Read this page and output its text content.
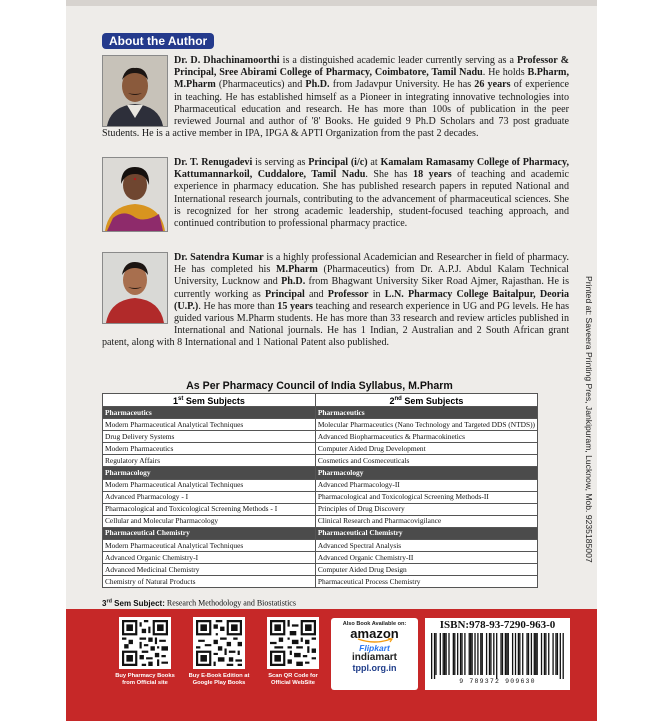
About the Author
Dr. D. Dhachinamoorthi is a distinguished academic leader currently serving as a Professor & Principal, Sree Abirami College of Pharmacy, Coimbatore, Tamil Nadu. He holds B.Pharm, M.Pharm (Pharmaceutics) and Ph.D. from Jadavpur University. He has 26 years of experience in teaching. He has established himself as a Pioneer in integrating innovative technologies into Pharmaceutical education and research. He has more than 100s of publication in the peer reviewed Journal and author of '8' Books. He guided 9 Ph.D Scholars and 73 post graduate Students. He is a active member in IPA, IPGA & APTI Organization from the past 2 decades.
Dr. T. Renugadevi is serving as Principal (i/c) at Kamalam Ramasamy College of Pharmacy, Kattumannarkoil, Cuddalore, Tamil Nadu. She has 18 years of teaching and academic experience in pharmacy education. She has published research papers in reputed National and International research journals, contributing to the advancement of pharmaceutical sciences. She is recognized for her strong academic leadership, student-focused teaching approach, and continued contribution to professional pharmacy practice.
Dr. Satendra Kumar is a highly professional Academician and Researcher in field of pharmacy. He has completed his M.Pharm (Pharmaceutics) from Dr. A.P.J. Abdul Kalam Technical University, Lucknow and Ph.D. from Bhagwant University Siker Road Ajmer, Rajasthan. He is currently working as Principal and Professor in L.N. Pharmacy College Baitalpur, Deoria (U.P.). He has more than 15 years teaching and research experience in UG and PG levels. He has guided various M.Pharm students. He has more than 33 research and review articles published in International and National journals. He has 1 Indian, 2 Australian and 2 South African grant patent, along with 8 International and 1 National Patent also published.	Printed at: Saveera Printing Pres, Jankipuram, Lucknow, Mob. 9235185007
As Per Pharmacy Council of India Syllabus, M.Pharm
1st Sem Subjects	2nd Sem Subjects
Pharmaceutics	Pharmaceutics
Modern Pharmaceutical Analytical Techniques	Molecular Pharmaceutics (Nano Technology and Targeted DDS (NTDS))
Drug Delivery Systems	Advanced Biopharmaceutics & Pharmacokinetics
Modern Pharmaceutics	Computer Aided Drug Development
Regulatory Affairs	Cosmetics and Cosmeceuticals
Pharmacology	Pharmacology
Modern Pharmaceutical Analytical Techniques	Advanced Pharmacology-II
Advanced Pharmacology - I	Pharmacological and Toxicological Screening Methods-II
Pharmacological and Toxicological Screening Methods - I	Principles of Drug Discovery
Cellular and Molecular Pharmacology	Clinical Research and Pharmacovigilance
Pharmaceutical Chemistry	Pharmaceutical Chemistry
Modern Pharmaceutical Analytical Techniques	Advanced Spectral Analysis
Advanced Organic Chemistry-I	Advanced Organic Chemistry-II
Advanced Medicinal Chemistry	Computer Aided Drug Design
Chemistry of Natural Products	Pharmaceutical Process Chemistry
3rd Sem Subject: Research Methodology and Biostatistics
Buy Pharmacy Books from Official site
Buy E-Book Edition at Google Play Books
Scan QR Code for Official WebSite
Also Book Available on:
amazon
Flipkart
indiamart
tppl.org.in
ISBN:978-93-7290-963-0
9 789372 909630
